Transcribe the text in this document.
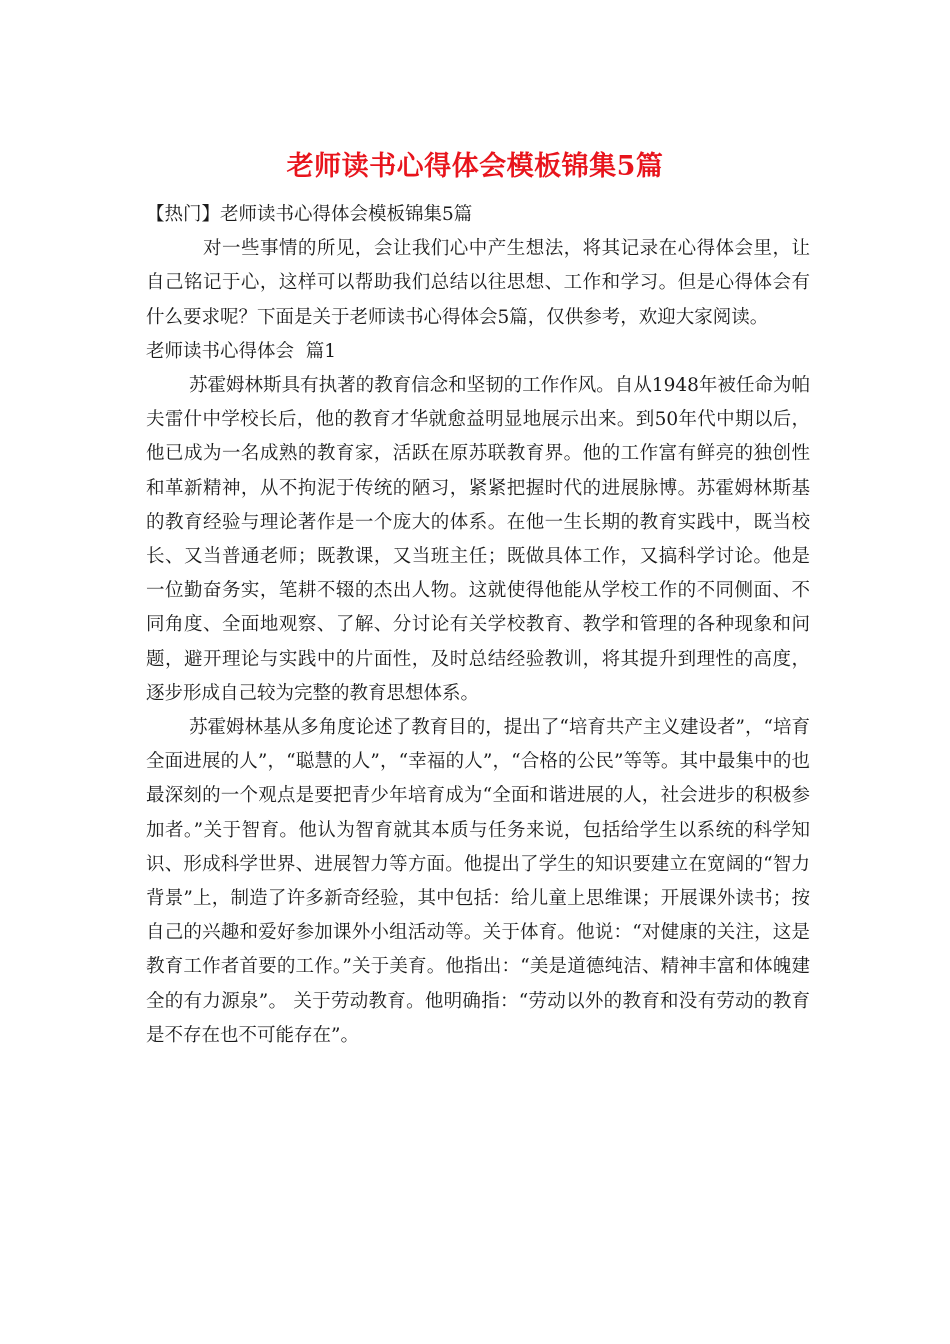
老师读书心得体会模板锦集5篇

【热门】老师读书心得体会模板锦集5篇

对一些事情的所见，会让我们心中产生想法，将其记录在心得体会里，让自己铭记于心，这样可以帮助我们总结以往思想、工作和学习。但是心得体会有什么要求呢？下面是关于老师读书心得体会5篇，仅供参考，欢迎大家阅读。

老师读书心得体会  篇1

苏霍姆林斯具有执著的教育信念和坚韧的工作作风。自从1948年被任命为帕夫雷什中学校长后，他的教育才华就愈益明显地展示出来。到50年代中期以后，他已成为一名成熟的教育家，活跃在原苏联教育界。他的工作富有鲜亮的独创性和革新精神，从不拘泥于传统的陋习，紧紧把握时代的进展脉博。苏霍姆林斯基的教育经验与理论著作是一个庞大的体系。在他一生长期的教育实践中，既当校长、又当普通老师；既教课，又当班主任；既做具体工作，又搞科学讨论。他是一位勤奋务实，笔耕不辍的杰出人物。这就使得他能从学校工作的不同侧面、不同角度、全面地观察、了解、分讨论有关学校教育、教学和管理的各种现象和问题，避开理论与实践中的片面性，及时总结经验教训，将其提升到理性的高度，逐步形成自己较为完整的教育思想体系。

苏霍姆林基从多角度论述了教育目的，提出了“培育共产主义建设者”，“培育全面进展的人”，“聪慧的人”，“幸福的人”，“合格的公民”等等。其中最集中的也最深刻的一个观点是要把青少年培育成为“全面和谐进展的人，社会进步的积极参加者。”关于智育。他认为智育就其本质与任务来说，包括给学生以系统的科学知识、形成科学世界、进展智力等方面。他提出了学生的知识要建立在宽阔的“智力背景”上，制造了许多新奇经验，其中包括：给儿童上思维课；开展课外读书；按自己的兴趣和爱好参加课外小组活动等。关于体育。他说：“对健康的关注，这是教育工作者首要的工作。”关于美育。他指出：“美是道德纯洁、精神丰富和体魄建全的有力源泉”。 关于劳动教育。他明确指：“劳动以外的教育和没有劳动的教育是不存在也不可能存在”。
